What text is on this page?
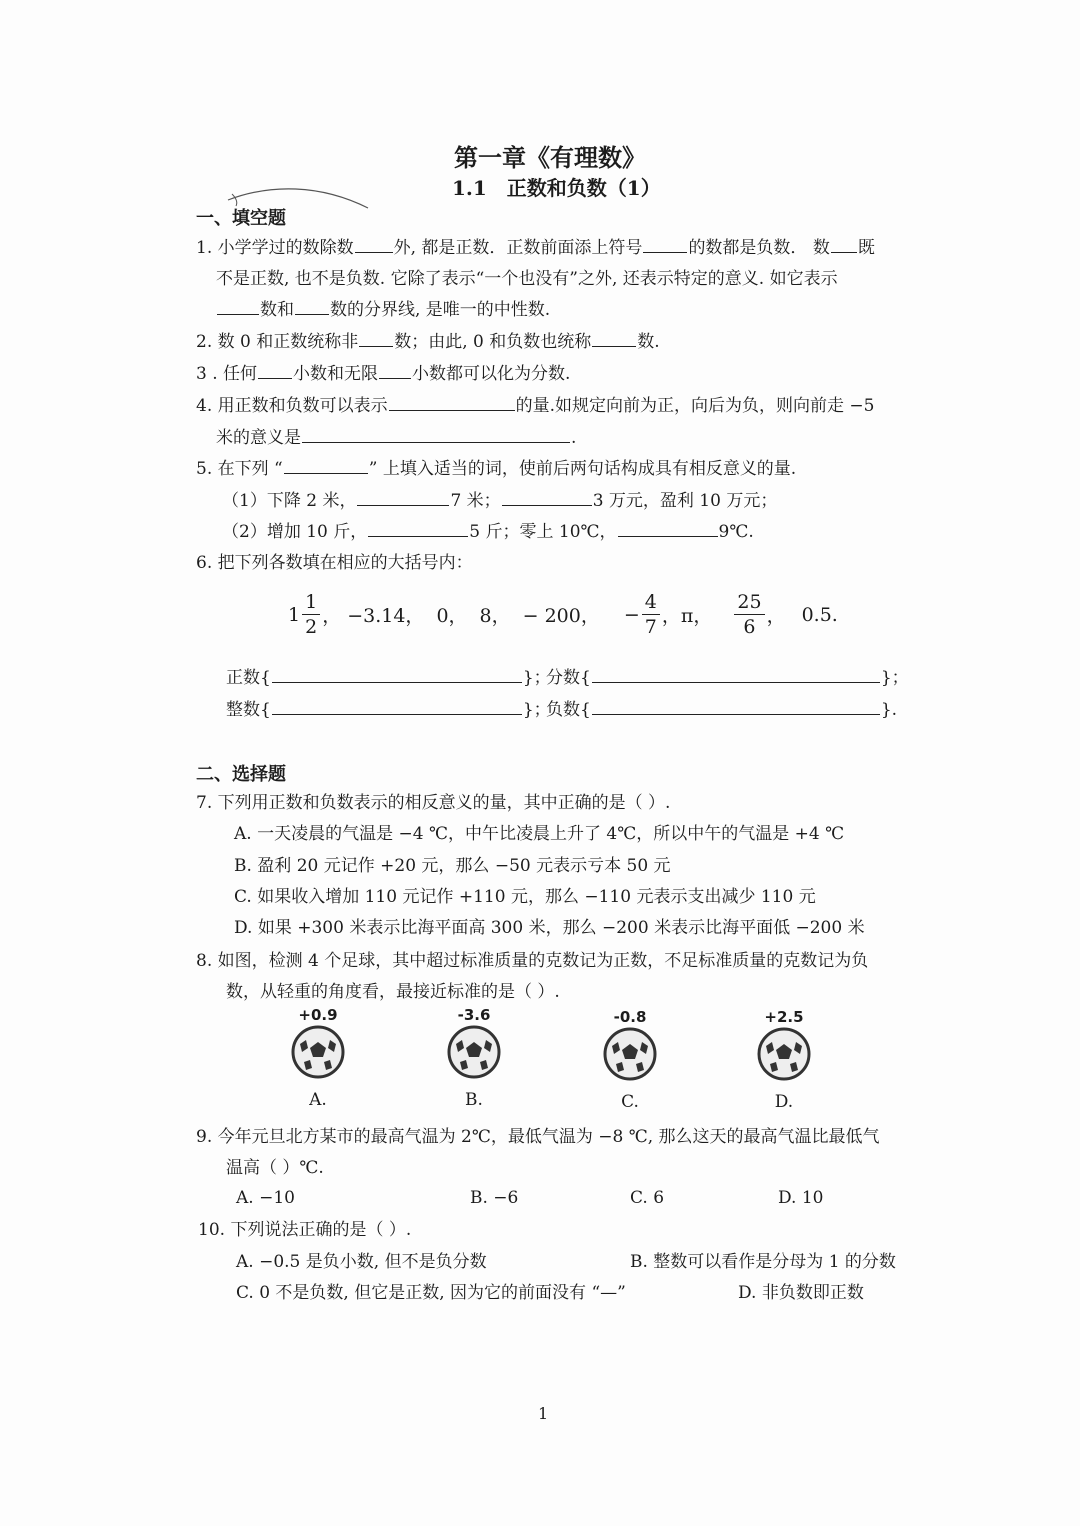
第一章《有理数》
1.1　正数和负数（1）
一、填空题
1. 小学学过的数除数 外, 都是正数．正数前面添上符号	的数都是负数． 数 既
不是正数, 也不是负数. 它除了表示“一个也没有”之外, 还表示特定的意义. 如它表示
数和 数的分界线, 是唯一的中性数.
2. 数 0 和正数统称非 数；由此, 0 和负数也统称	数.
3 . 任何 小数和无限 小数都可以化为分数.
4. 用正数和负数可以表示	的量.如规定向前为正，向后为负，则向前走 −5
米的意义是	.
5. 在下列 “	” 上填入适当的词，使前后两句话构成具有相反意义的量.
（1）下降 2 米，	7 米；	3 万元，盈利 10 万元；
（2）增加 10 斤，	5 斤；零上 10℃，	9℃.
6. 把下列各数填在相应的大括号内：
$1 \frac{1}{2}$ ， −3.14， 0， 8， − 200， − $\frac{4}{7}$ ，π， $\frac{25}{6}$ ， 0.5.
正数{	}；
分数{	}；
整数{	}；
负数{	}.
二、选择题
7. 下列用正数和负数表示的相反意义的量，其中正确的是（ ）.
A. 一天凌晨的气温是 −4 ℃，中午比凌晨上升了 4℃，所以中午的气温是 +4 ℃
B. 盈利 20 元记作 +20 元，那么 −50 元表示亏本 50 元
C. 如果收入增加 110 元记作 +110 元，那么 −110 元表示支出减少 110 元
D. 如果 +300 米表示比海平面高 300 米，那么 −200 米表示比海平面低 −200 米
8. 如图，检测 4 个足球，其中超过标准质量的克数记为正数，不足标准质量的克数记为负
数，从轻重的角度看，最接近标准的是（ ）.
+0.9
A.
-3.6
B.
-0.8
C.
+2.5
D.
9. 今年元旦北方某市的最高气温为 2℃，最低气温为 −8 ℃, 那么这天的最高气温比最低气
温高（ ）℃.
A. −10	B. −6	C. 6	D. 10
10. 下列说法正确的是（ ）.
A. −0.5 是负小数, 但不是负分数	B. 整数可以看作是分母为 1 的分数
C. 0 不是负数, 但它是正数, 因为它的前面没有 “—”	D. 非负数即正数
1
